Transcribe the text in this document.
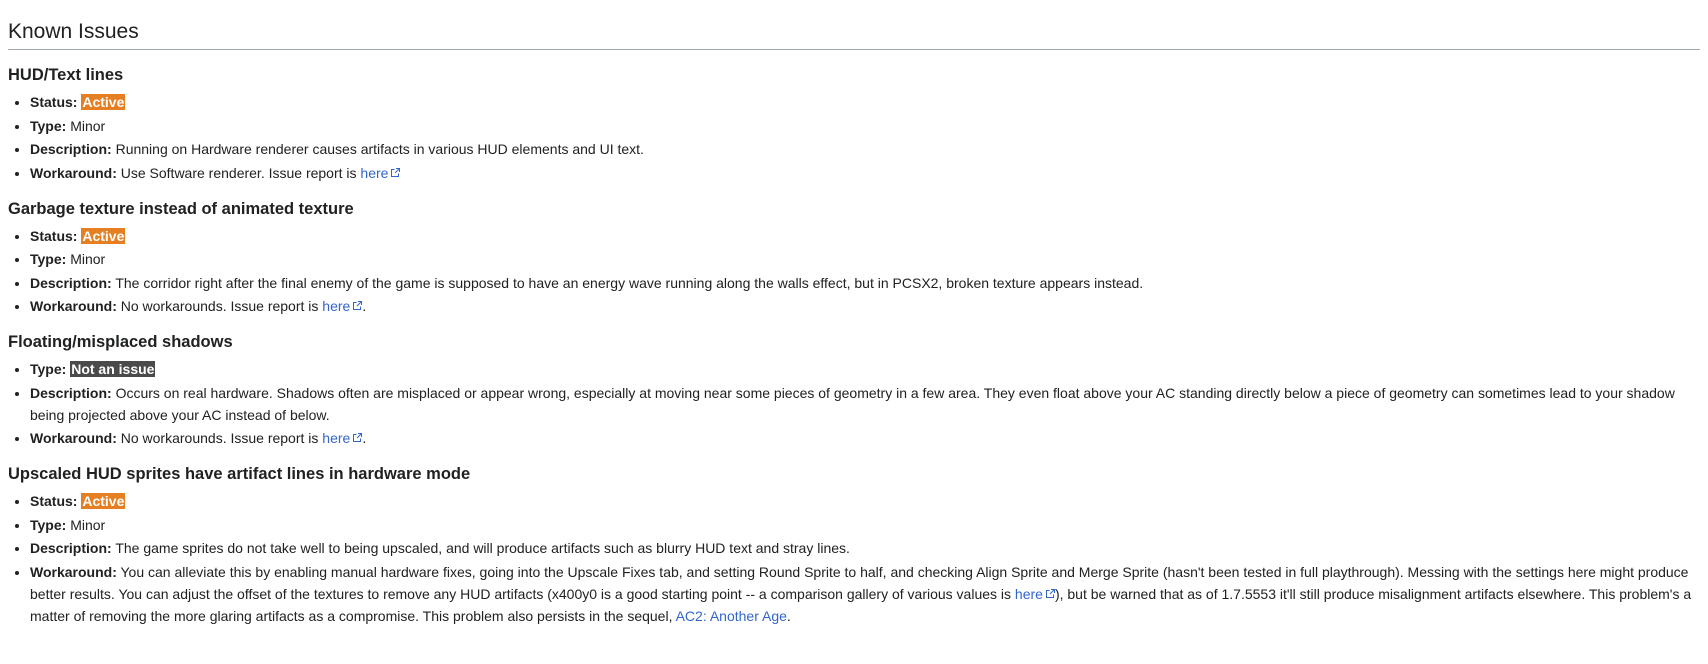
Known Issues
HUD/Text lines
• Status: Active
• Type: Minor
• Description: Running on Hardware renderer causes artifacts in various HUD elements and UI text.
• Workaround: Use Software renderer. Issue report is here
Garbage texture instead of animated texture
• Status: Active
• Type: Minor
• Description: The corridor right after the final enemy of the game is supposed to have an energy wave running along the walls effect, but in PCSX2, broken texture appears instead.
• Workaround: No workarounds. Issue report is here .
Floating/misplaced shadows
• Type: Not an issue
• Description: Occurs on real hardware. Shadows often are misplaced or appear wrong, especially at moving near some pieces of geometry in a few area. They even float above your AC standing directly below a piece of geometry can sometimes lead to your shadow being projected above your AC instead of below.
• Workaround: No workarounds. Issue report is here .
Upscaled HUD sprites have artifact lines in hardware mode
• Status: Active
• Type: Minor
• Description: The game sprites do not take well to being upscaled, and will produce artifacts such as blurry HUD text and stray lines.
• Workaround: You can alleviate this by enabling manual hardware fixes, going into the Upscale Fixes tab, and setting Round Sprite to half, and checking Align Sprite and Merge Sprite (hasn't been tested in full playthrough). Messing with the settings here might produce better results. You can adjust the offset of the textures to remove any HUD artifacts (x400y0 is a good starting point -- a comparison gallery of various values is here ), but be warned that as of 1.7.5553 it'll still produce misalignment artifacts elsewhere. This problem's a matter of removing the more glaring artifacts as a compromise. This problem also persists in the sequel, AC2: Another Age.
